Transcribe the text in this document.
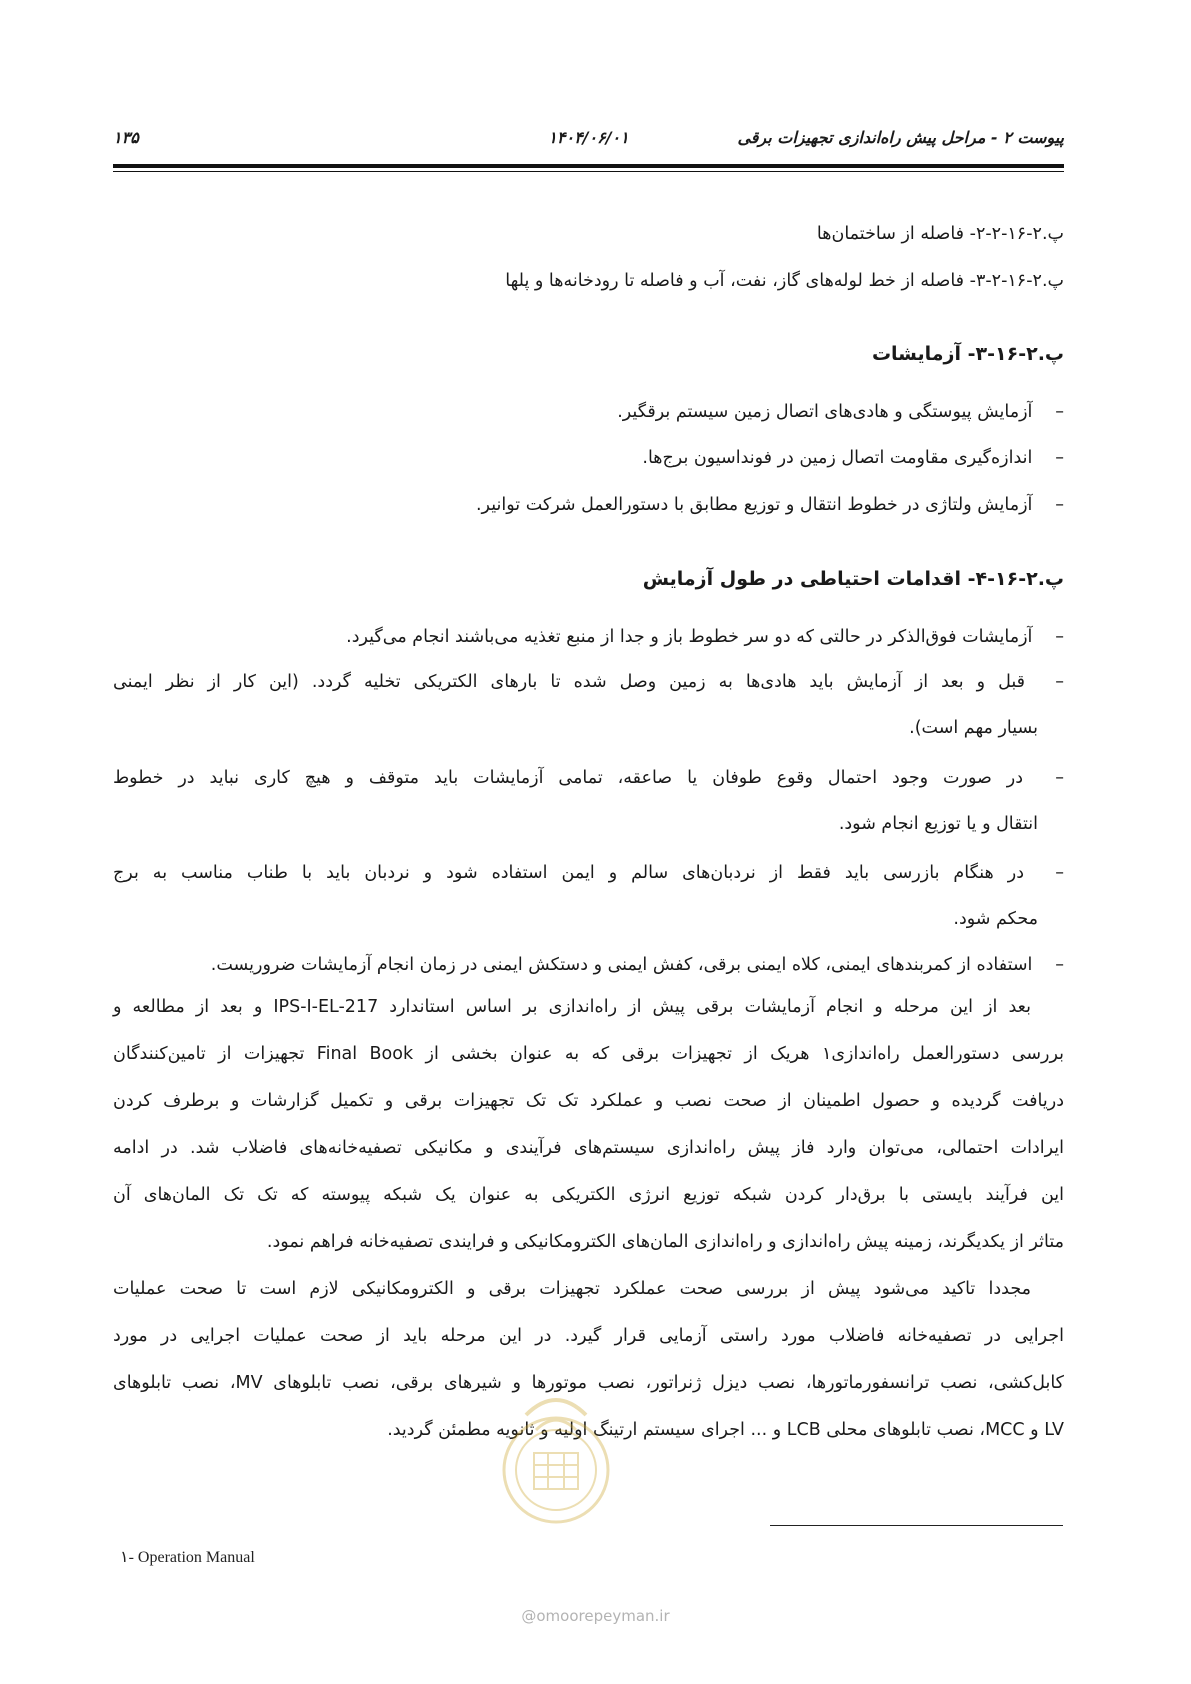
پیوست ۲ - مراحل پیش راه‌اندازی تجهیزات برقی
۱۴۰۴/۰۶/۰۱
۱۳۵
پ.۲-۱۶-۲-۲- فاصله از ساختمان‌ها
پ.۲-۱۶-۲-۳- فاصله از خط لوله‌های گاز، نفت، آب و فاصله تا رودخانه‌ها و پلها
پ.۲-۱۶-۳- آزمایشات
– آزمایش پیوستگی و هادی‌های اتصال زمین سیستم برقگیر.
– اندازه‌گیری مقاومت اتصال زمین در فونداسیون برج‌ها.
– آزمایش ولتاژی در خطوط انتقال و توزیع مطابق با دستورالعمل شرکت توانیر.
پ.۲-۱۶-۴- اقدامات احتیاطی در طول آزمایش
– آزمایشات فوق‌الذکر در حالتی که دو سر خطوط باز و جدا از منبع تغذیه می‌باشند انجام می‌گیرد.
– قبل و بعد از آزمایش باید هادی‌ها به زمین وصل شده تا بارهای الکتریکی تخلیه گردد. (این کار از نظر ایمنی
بسیار مهم است).
– در صورت وجود احتمال وقوع طوفان یا صاعقه، تمامی آزمایشات باید متوقف و هیچ کاری نباید در خطوط
انتقال و یا توزیع انجام شود.
– در هنگام بازرسی باید فقط از نردبان‌های سالم و ایمن استفاده شود و نردبان باید با طناب مناسب به برج
محکم شود.
– استفاده از کمربندهای ایمنی، کلاه ایمنی برقی، کفش ایمنی و دستکش ایمنی در زمان انجام آزمایشات ضروریست.
بعد از این مرحله و انجام آزمایشات برقی پیش از راه‌اندازی بر اساس استاندارد IPS-I-EL-217 و بعد از مطالعه و
بررسی دستورالعمل راه‌اندازی۱ هریک از تجهیزات برقی که به عنوان بخشی از Final Book تجهیزات از تامین‌کنندگان
دریافت گردیده و حصول اطمینان از صحت نصب و عملکرد تک تک تجهیزات برقی و تکمیل گزارشات و برطرف کردن
ایرادات احتمالی، می‌توان وارد فاز پیش راه‌اندازی سیستم‌های فرآیندی و مکانیکی تصفیه‌خانه‌های فاضلاب شد. در ادامه
این فرآیند بایستی با برق‌دار کردن شبکه توزیع انرژی الکتریکی به عنوان یک شبکه پیوسته که تک تک المان‌های آن
متاثر از یکدیگرند، زمینه پیش راه‌اندازی و راه‌اندازی المان‌های الکترومکانیکی و فرایندی تصفیه‌خانه فراهم نمود.
مجددا تاکید می‌شود پیش از بررسی صحت عملکرد تجهیزات برقی و الکترومکانیکی لازم است تا صحت عملیات
اجرایی در تصفیه‌خانه فاضلاب مورد راستی آزمایی قرار گیرد. در این مرحله باید از صحت عملیات اجرایی در مورد
کابل‌کشی، نصب ترانسفورماتورها، نصب دیزل ژنراتور، نصب موتورها و شیرهای برقی، نصب تابلوهای MV، نصب تابلوهای
LV و MCC، نصب تابلوهای محلی LCB و ... اجرای سیستم ارتینگ اولیه و ثانویه مطمئن گردید.
۱- Operation Manual
@omoorepeyman.ir
